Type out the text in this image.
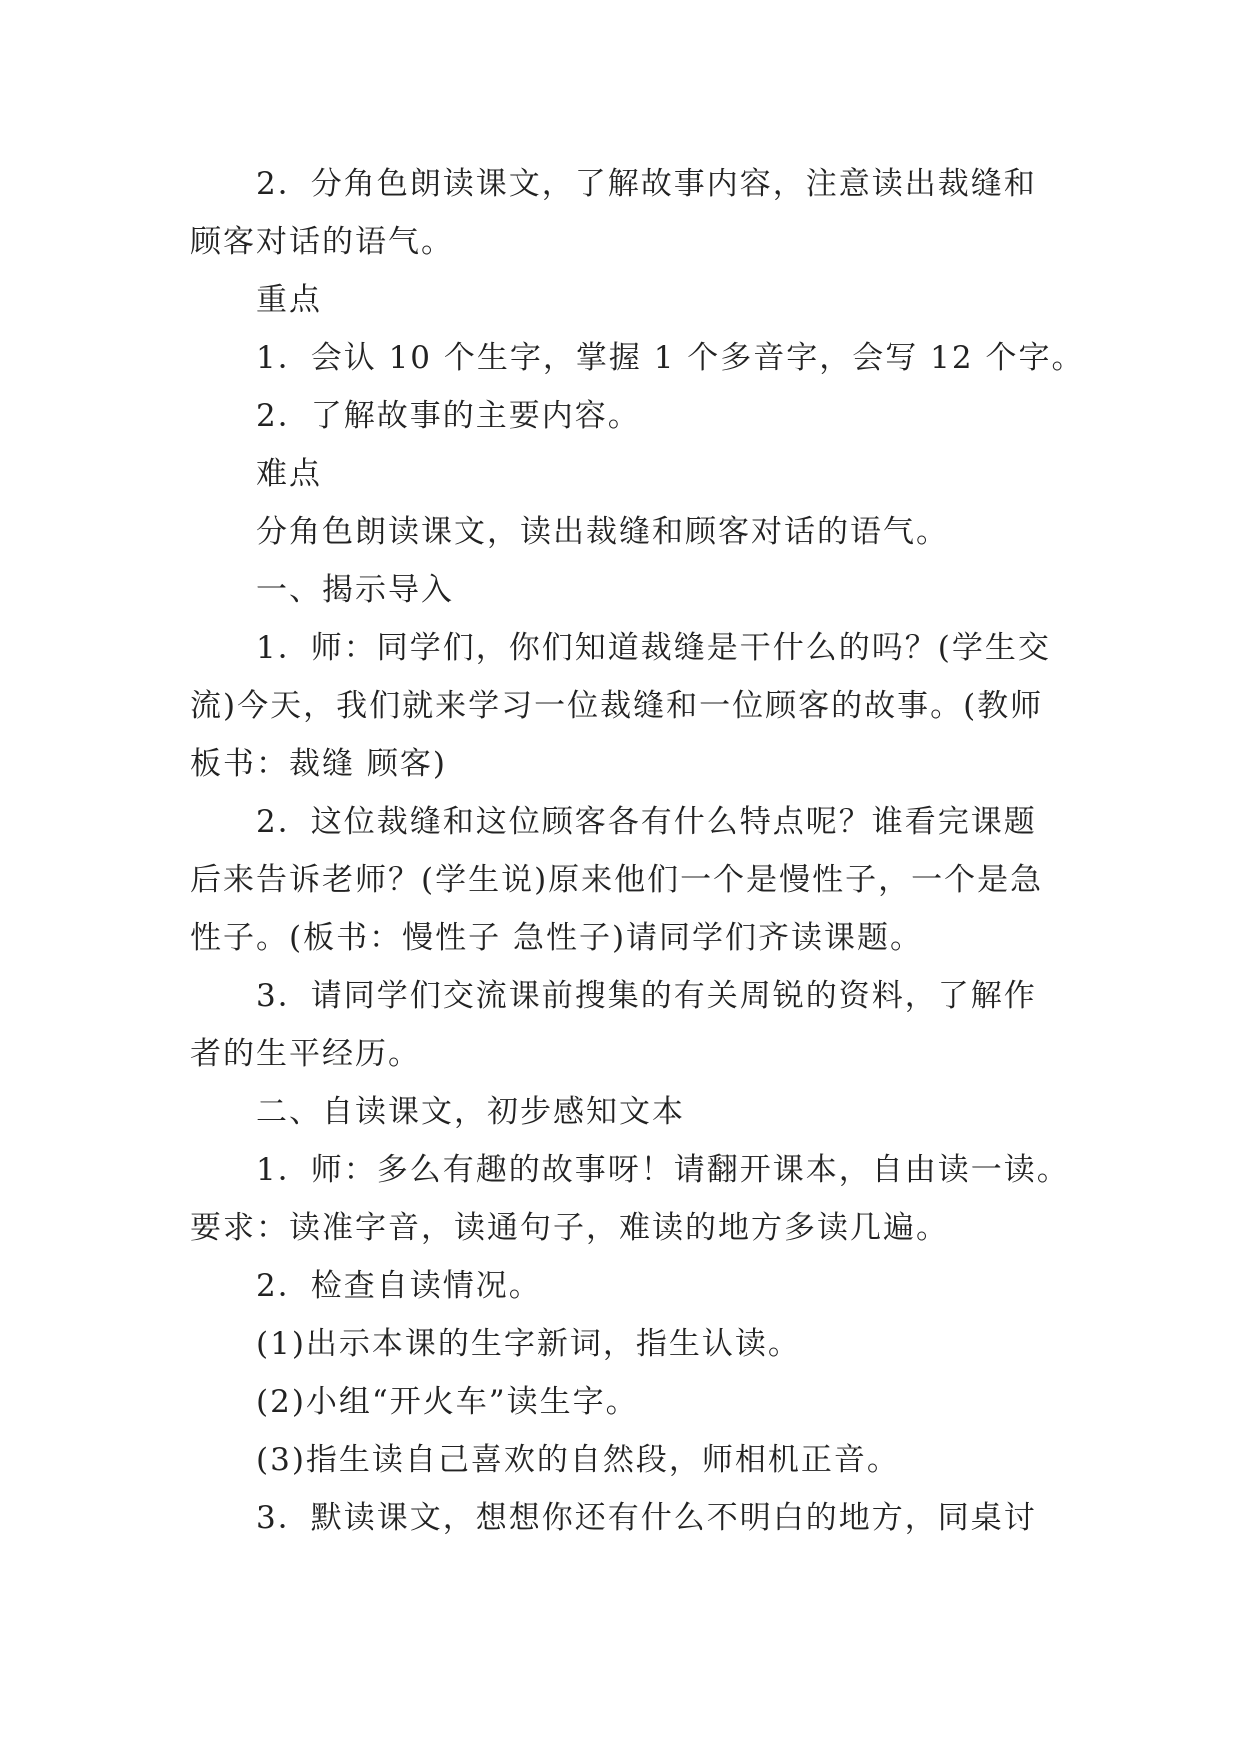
2．分角色朗读课文，了解故事内容，注意读出裁缝和
顾客对话的语气。
重点
1．会认 10 个生字，掌握 1 个多音字，会写 12 个字。
2．了解故事的主要内容。
难点
分角色朗读课文，读出裁缝和顾客对话的语气。
一、揭示导入
1．师：同学们，你们知道裁缝是干什么的吗？(学生交
流)今天，我们就来学习一位裁缝和一位顾客的故事。(教师
板书：裁缝 顾客)
2．这位裁缝和这位顾客各有什么特点呢？谁看完课题
后来告诉老师？(学生说)原来他们一个是慢性子，一个是急
性子。(板书：慢性子 急性子)请同学们齐读课题。
3．请同学们交流课前搜集的有关周锐的资料，了解作
者的生平经历。
二、自读课文，初步感知文本
1．师：多么有趣的故事呀！请翻开课本，自由读一读。
要求：读准字音，读通句子，难读的地方多读几遍。
2．检查自读情况。
(1)出示本课的生字新词，指生认读。
(2)小组“开火车”读生字。
(3)指生读自己喜欢的自然段，师相机正音。
3．默读课文，想想你还有什么不明白的地方，同桌讨
